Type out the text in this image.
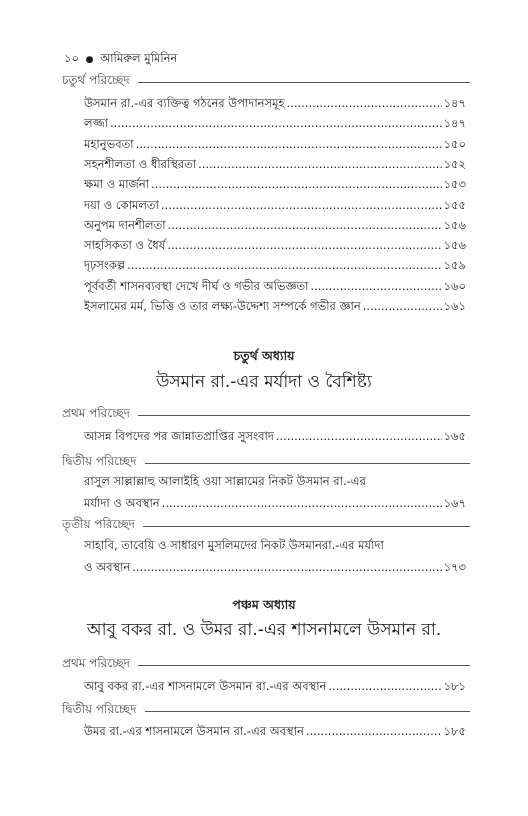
১০ ● আমিরুল মুমিনিন
চতুর্থ পরিচ্ছেদ
উসমান রা.-এর ব্যক্তিত্ব গঠনের উপাদানসমূহ .....	১৪৭
লজ্জা .....	১৪৭
মহানুভবতা .....	১৫০
সহনশীলতা ও ধীরস্থিরতা .....	১৫২
ক্ষমা ও মার্জনা .....	১৫৩
দয়া ও কোমলতা .....	১৫৫
অনুপম দানশীলতা .....	১৫৬
সাহসিকতা ও ধৈর্য .....	১৫৬
দৃঢ়সংকল্প .....	১৫৯
পূর্ববর্তী শাসনব্যবস্থা দেখে দীর্ঘ ও গভীর অভিজ্ঞতা .....	১৬০
ইসলামের মর্ম, ভিত্তি ও তার লক্ষ্য-উদ্দেশ্য সম্পর্কে গভীর জ্ঞান .....	১৬১
চতুর্থ অধ্যায়
উসমান রা.-এর মর্যাদা ও বৈশিষ্ট্য
প্রথম পরিচ্ছেদ
আসন্ন বিপদের পর জান্নাতপ্রাপ্তির সুসংবাদ .....	১৬৫
দ্বিতীয় পরিচ্ছেদ
রাসুল সাল্লাল্লাহু আলাইহি ওয়া সাল্লামের নিকট উসমান রা.-এর
মর্যাদা ও অবস্থান .....	১৬৭
তৃতীয় পরিচ্ছেদ
সাহাবি, তাবেয়ি ও সাধারণ মুসলিমদের নিকট উসমানরা.-এর মর্যাদা
ও অবস্থান .....	১৭৩
পঞ্চম অধ্যায়
আবু বকর রা. ও উমর রা.-এর শাসনামলে উসমান রা.
প্রথম পরিচ্ছেদ
আবু বকর রা.-এর শাসনামলে উসমান রা.-এর অবস্থান .....	১৮১
দ্বিতীয় পরিচ্ছেদ
উমর রা.-এর শাসনামলে উসমান রা.-এর অবস্থান .....	১৮৫
